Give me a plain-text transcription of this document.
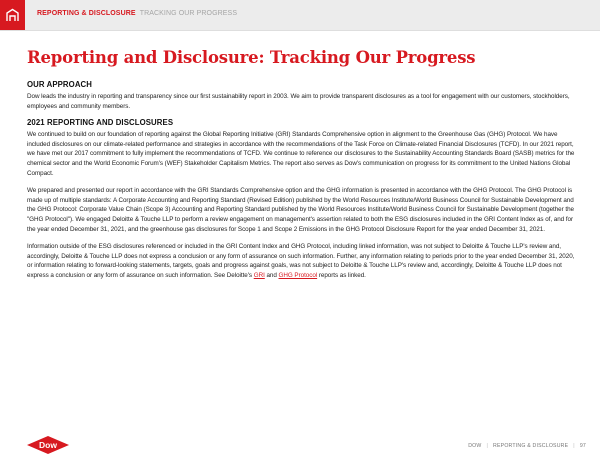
REPORTING & DISCLOSURE TRACKING OUR PROGRESS
Reporting and Disclosure: Tracking Our Progress
OUR APPROACH

Dow leads the industry in reporting and transparency since our first sustainability report in 2003. We aim to provide transparent disclosures as a tool for engagement with our customers, stockholders, employees and community members.

2021 REPORTING AND DISCLOSURES

We continued to build on our foundation of reporting against the Global Reporting Initiative (GRI) Standards Comprehensive option in alignment to the Greenhouse Gas (GHG) Protocol. We have included disclosures on our climate-related performance and strategies in accordance with the recommendations of the Task Force on Climate-related Financial Disclosures (TCFD). In our 2021 report, we have met our 2017 commitment to fully implement the recommendations of TCFD. We continue to reference our disclosures to the Sustainability Accounting Standards Board (SASB) metrics for the chemical sector and the World Economic Forum's (WEF) Stakeholder Capitalism Metrics. The report also serves as Dow's communication on progress for its commitment to the United Nations Global Compact.

We prepared and presented our report in accordance with the GRI Standards Comprehensive option and the GHG information is presented in accordance with the GHG Protocol. The GHG Protocol is made up of multiple standards: A Corporate Accounting and Reporting Standard (Revised Edition) published by the World Resources Institute/World Business Council for Sustainable Development and the GHG Protocol: Corporate Value Chain (Scope 3) Accounting and Reporting Standard published by the World Resources Institute/World Business Council for Sustainable Development (together the "GHG Protocol"). We engaged Deloitte & Touche LLP to perform a review engagement on management's assertion related to both the ESG disclosures included in the GRI Content Index as of, and for the year ended December 31, 2021, and the greenhouse gas disclosures for Scope 1 and Scope 2 Emissions in the GHG Protocol Disclosure Report for the year ended December 31, 2021.

Information outside of the ESG disclosures referenced or included in the GRI Content Index and GHG Protocol, including linked information, was not subject to Deloitte & Touche LLP's review and, accordingly, Deloitte & Touche LLP does not express a conclusion or any form of assurance on such information. Further, any information relating to periods prior to the year ended December 31, 2020, or information relating to forward-looking statements, targets, goals and progress against goals, was not subject to Deloitte & Touche LLP's review and, accordingly, Deloitte & Touche LLP does not express a conclusion or any form of assurance on such information. See Deloitte's GRI and GHG Protocol reports as linked.

Dow	DOW | REPORTING & DISCLOSURE | 97
